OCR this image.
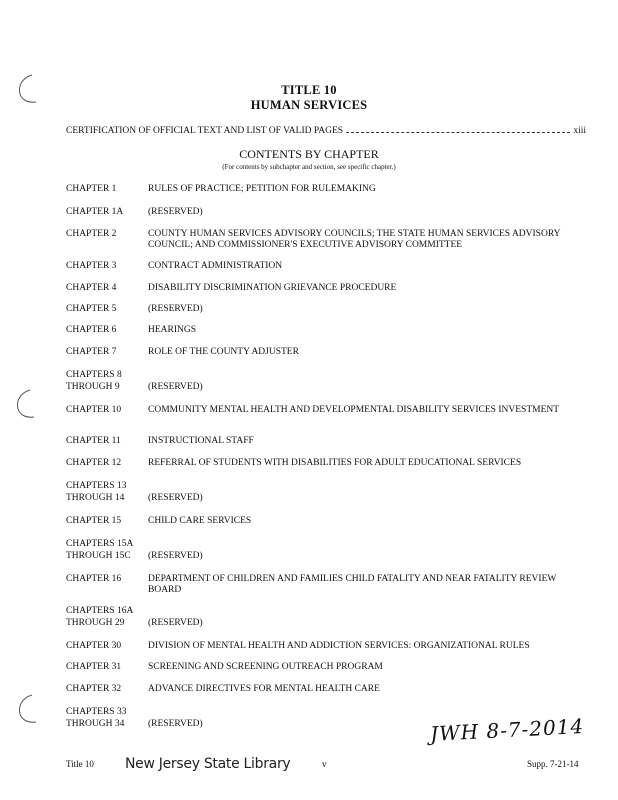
TITLE 10
HUMAN SERVICES
CERTIFICATION OF OFFICIAL TEXT AND LIST OF VALID PAGES	xiii
CONTENTS BY CHAPTER
(For contents by subchapter and section, see specific chapter.)
CHAPTER 1	RULES OF PRACTICE; PETITION FOR RULEMAKING
CHAPTER 1A	(RESERVED)
CHAPTER 2	COUNTY HUMAN SERVICES ADVISORY COUNCILS; THE STATE HUMAN SERVICES ADVISORY COUNCIL; AND COMMISSIONER'S EXECUTIVE ADVISORY COMMITTEE
CHAPTER 3	CONTRACT ADMINISTRATION
CHAPTER 4	DISABILITY DISCRIMINATION GRIEVANCE PROCEDURE
CHAPTER 5	(RESERVED)
CHAPTER 6	HEARINGS
CHAPTER 7	ROLE OF THE COUNTY ADJUSTER
CHAPTERS 8
THROUGH 9	(RESERVED)
CHAPTER 10	COMMUNITY MENTAL HEALTH AND DEVELOPMENTAL DISABILITY SERVICES INVESTMENT
CHAPTER 11	INSTRUCTIONAL STAFF
CHAPTER 12	REFERRAL OF STUDENTS WITH DISABILITIES FOR ADULT EDUCATIONAL SERVICES
CHAPTERS 13
THROUGH 14	(RESERVED)
CHAPTER 15	CHILD CARE SERVICES
CHAPTERS 15A
THROUGH 15C	(RESERVED)
CHAPTER 16	DEPARTMENT OF CHILDREN AND FAMILIES CHILD FATALITY AND NEAR FATALITY REVIEW BOARD
CHAPTERS 16A
THROUGH 29	(RESERVED)
CHAPTER 30	DIVISION OF MENTAL HEALTH AND ADDICTION SERVICES: ORGANIZATIONAL RULES
CHAPTER 31	SCREENING AND SCREENING OUTREACH PROGRAM
CHAPTER 32	ADVANCE DIRECTIVES FOR MENTAL HEALTH CARE
CHAPTERS 33
THROUGH 34	(RESERVED)	JWH 8-7-2014
Title 10 New Jersey State Library	v	Supp. 7-21-14
